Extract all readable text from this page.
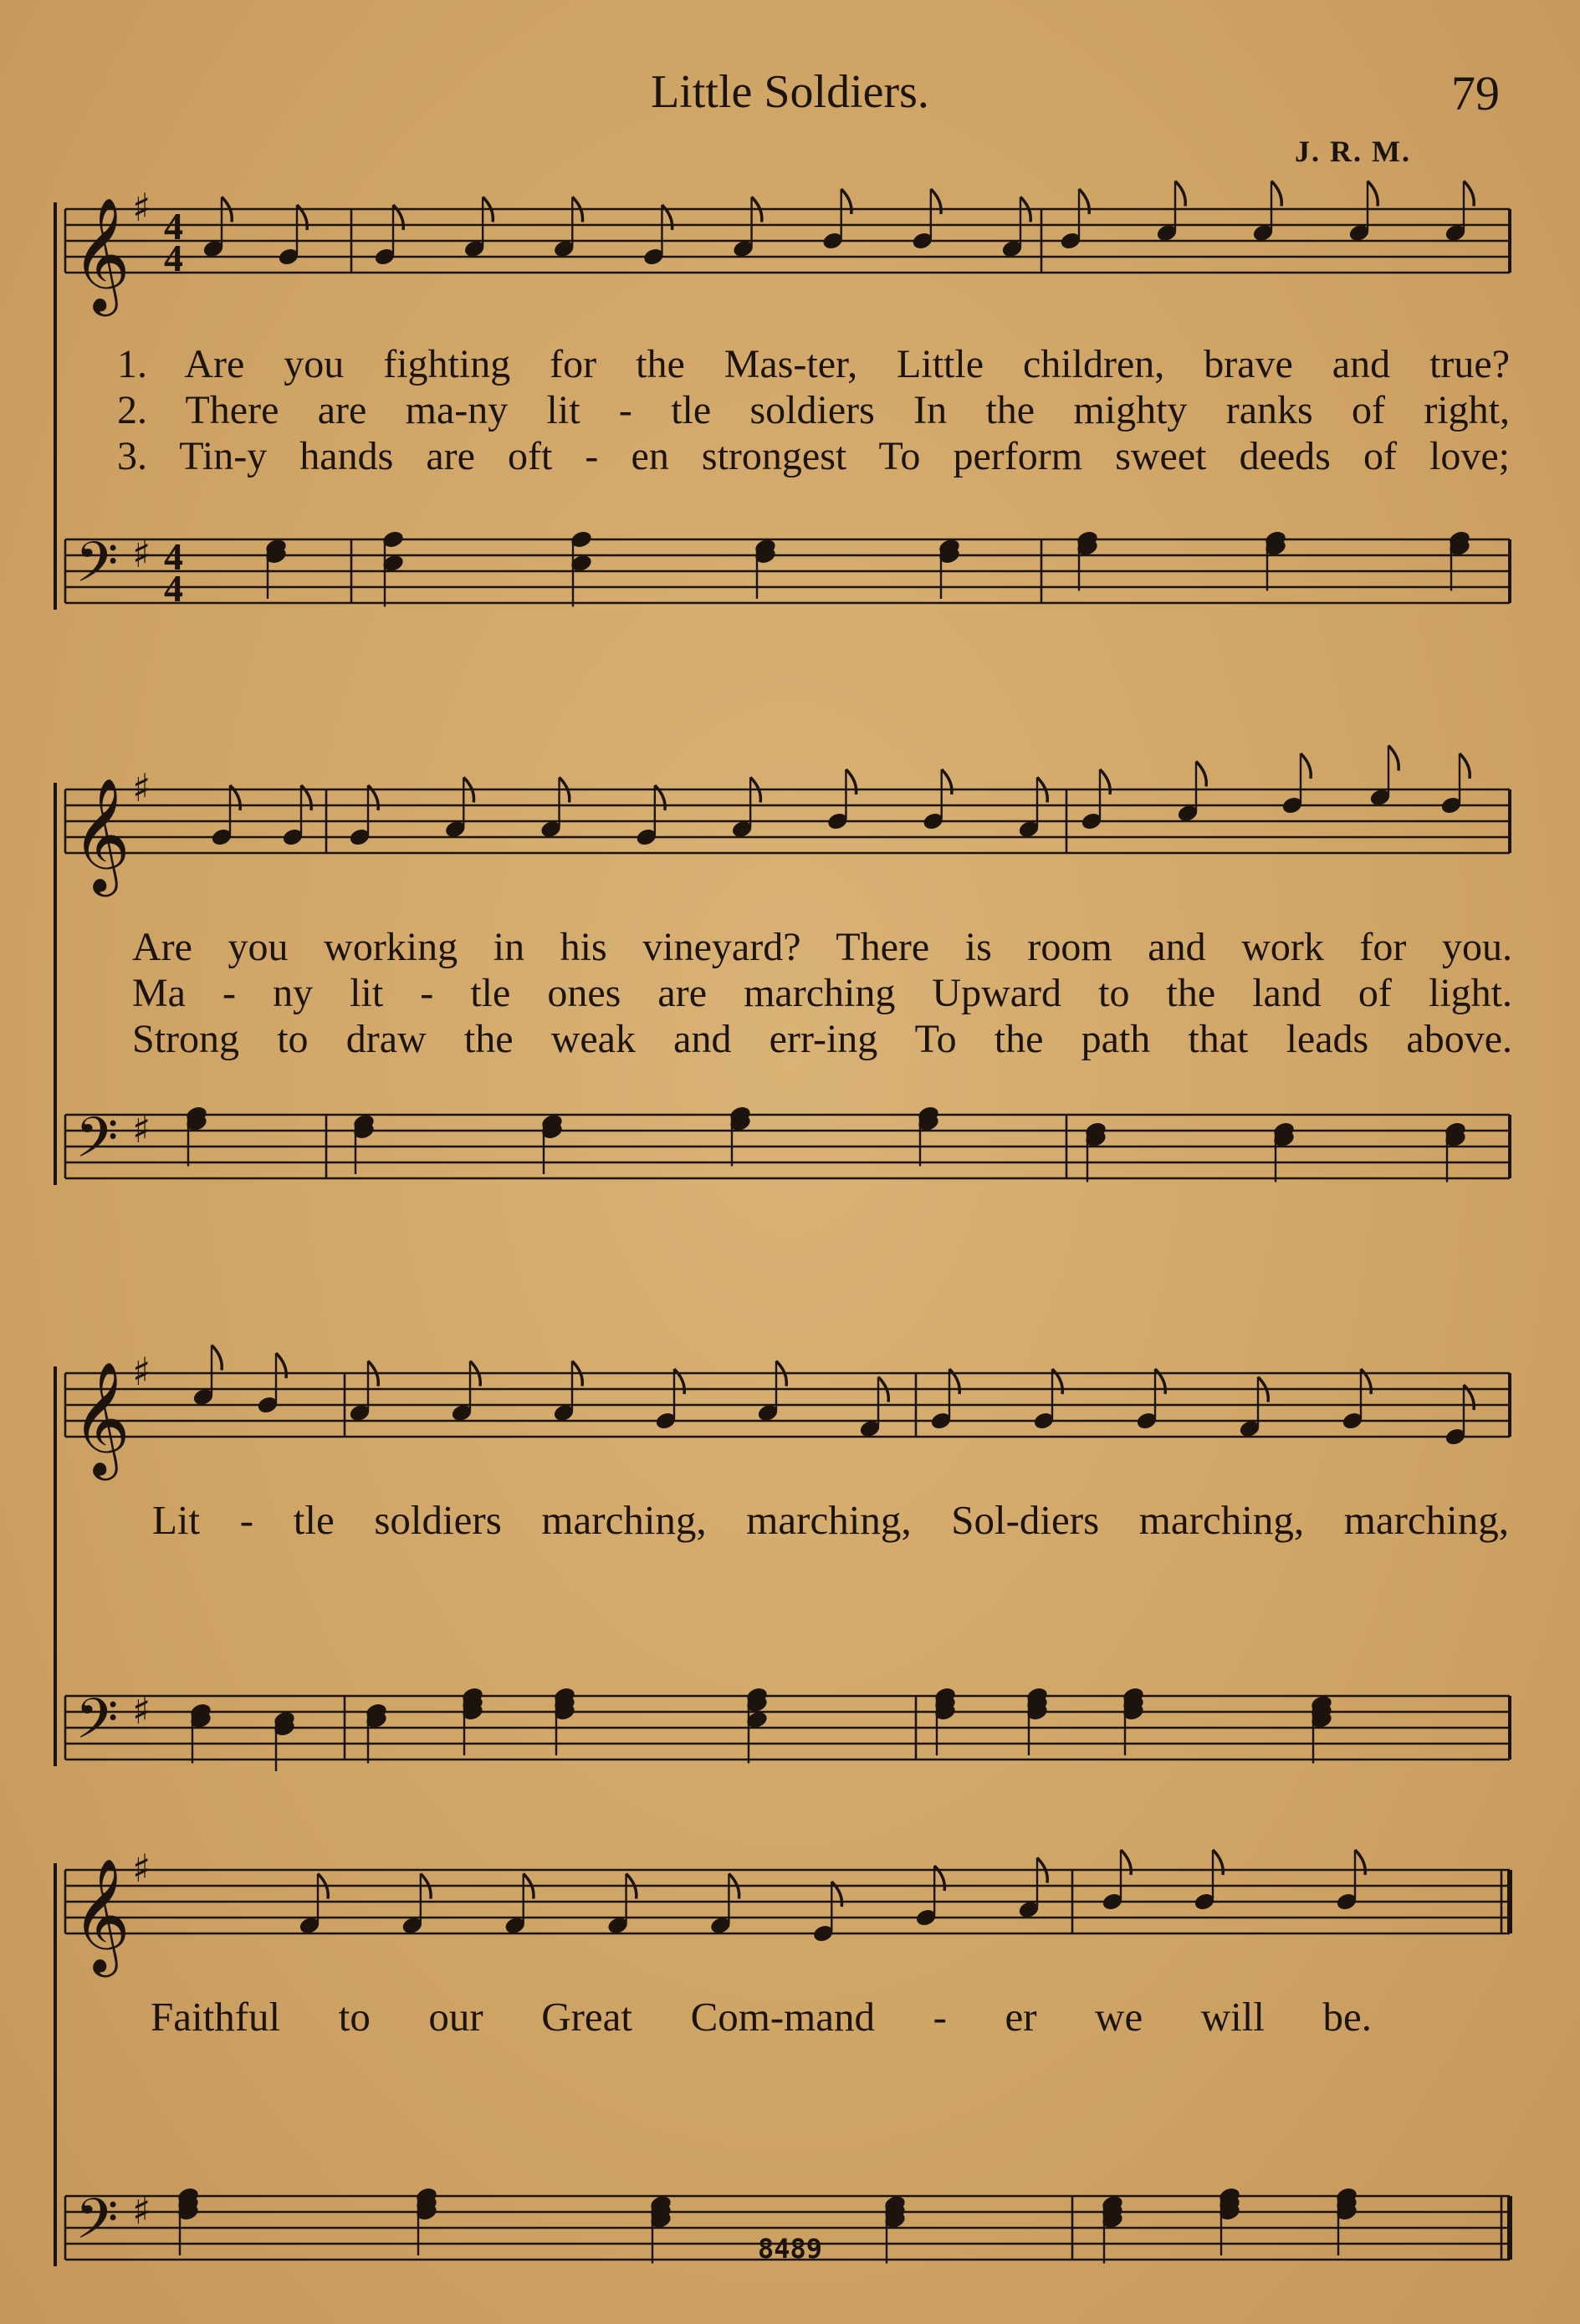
Little Soldiers.	79
J. R. M.
𝄞
𝄢
♯
♯
4
4
4
4
𝄞
𝄢
♯
♯
𝄞
𝄢
♯
♯
𝄞
𝄢
♯
♯
1. Are you fighting for the Mas-ter, Little children, brave and true?
2. There are ma-ny lit - tle soldiers In the mighty ranks of right,
3. Tin-y hands are oft - en strongest To perform sweet deeds of love;
Are you working in his vineyard? There is room and work for you.
Ma - ny lit - tle ones are marching Upward to the land of light.
Strong to draw the weak and err-ing To the path that leads above.
Lit - tle soldiers marching, marching, Sol-diers marching, marching,
Faithful to our Great Com-mand - er we will be.
8489
